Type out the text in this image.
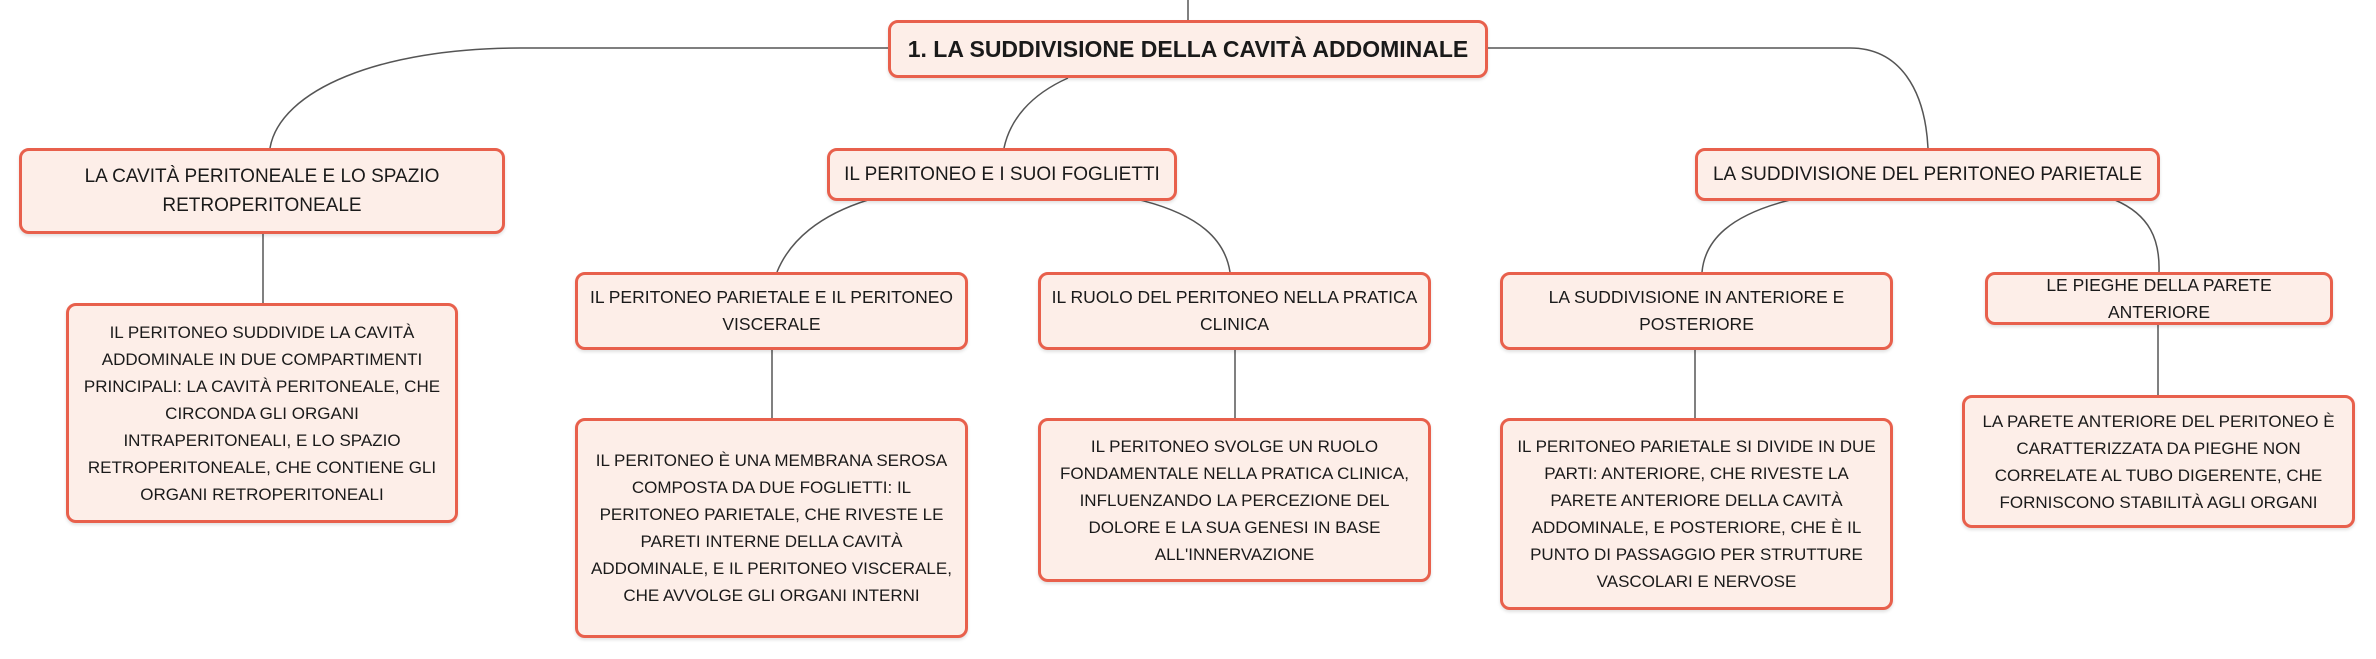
1. LA SUDDIVISIONE DELLA CAVITÀ ADDOMINALE
LA CAVITÀ PERITONEALE E LO SPAZIO RETROPERITONEALE
IL PERITONEO E I SUOI FOGLIETTI	LA SUDDIVISIONE DEL PERITONEO PARIETALE
IL PERITONEO SUDDIVIDE LA CAVITÀ ADDOMINALE IN DUE COMPARTIMENTI PRINCIPALI: LA CAVITÀ PERITONEALE, CHE CIRCONDA GLI ORGANI INTRAPERITONEALI, E LO SPAZIO RETROPERITONEALE, CHE CONTIENE GLI ORGANI RETROPERITONEALI
IL PERITONEO PARIETALE E IL PERITONEO VISCERALE
IL RUOLO DEL PERITONEO NELLA PRATICA CLINICA
LA SUDDIVISIONE IN ANTERIORE E POSTERIORE
LE PIEGHE DELLA PARETE ANTERIORE
IL PERITONEO È UNA MEMBRANA SEROSA COMPOSTA DA DUE FOGLIETTI: IL PERITONEO PARIETALE, CHE RIVESTE LE PARETI INTERNE DELLA CAVITÀ ADDOMINALE, E IL PERITONEO VISCERALE, CHE AVVOLGE GLI ORGANI INTERNI
IL PERITONEO SVOLGE UN RUOLO FONDAMENTALE NELLA PRATICA CLINICA, INFLUENZANDO LA PERCEZIONE DEL DOLORE E LA SUA GENESI IN BASE ALL'INNERVAZIONE
IL PERITONEO PARIETALE SI DIVIDE IN DUE PARTI: ANTERIORE, CHE RIVESTE LA PARETE ANTERIORE DELLA CAVITÀ ADDOMINALE, E POSTERIORE, CHE È IL PUNTO DI PASSAGGIO PER STRUTTURE VASCOLARI E NERVOSE
LA PARETE ANTERIORE DEL PERITONEO È CARATTERIZZATA DA PIEGHE NON CORRELATE AL TUBO DIGERENTE, CHE FORNISCONO STABILITÀ AGLI ORGANI
